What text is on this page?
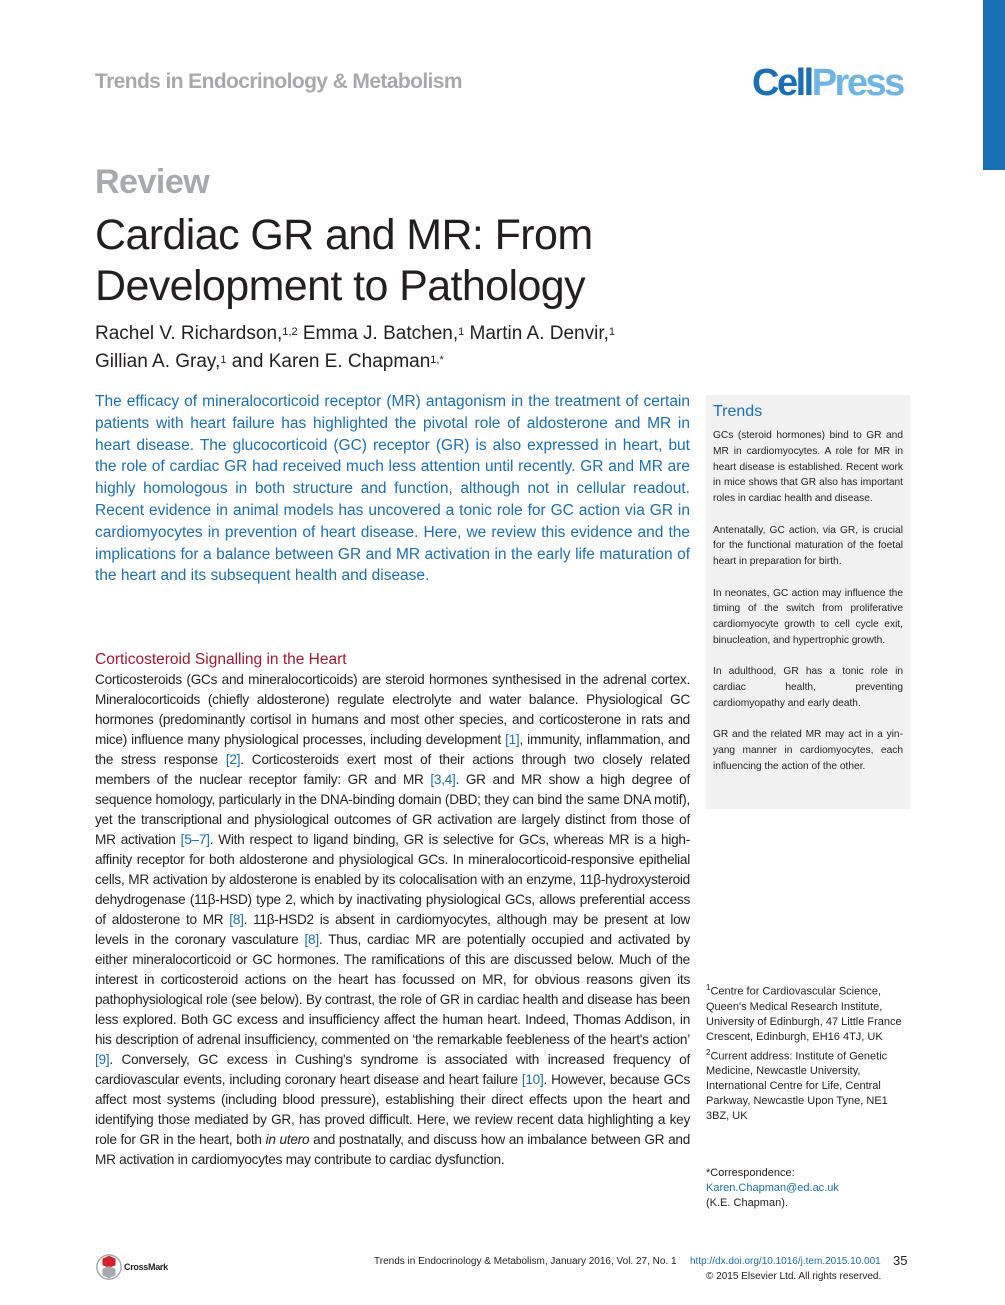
Trends in Endocrinology & Metabolism	CellPress
Review
Cardiac GR and MR: From Development to Pathology
Rachel V. Richardson,$^{1,2}$ Emma J. Batchen,$^1$ Martin A. Denvir,$^1$
Gillian A. Gray,$^1$ and Karen E. Chapman$^{1,*}$
The efficacy of mineralocorticoid receptor (MR) antagonism in the treatment of certain patients with heart failure has highlighted the pivotal role of aldosterone and MR in heart disease. The glucocorticoid (GC) receptor (GR) is also expressed in heart, but the role of cardiac GR had received much less attention until recently. GR and MR are highly homologous in both structure and function, although not in cellular readout. Recent evidence in animal models has uncovered a tonic role for GC action via GR in cardiomyocytes in prevention of heart disease. Here, we review this evidence and the implications for a balance between GR and MR activation in the early life maturation of the heart and its subsequent health and disease.
Trends

GCs (steroid hormones) bind to GR and MR in cardiomyocytes. A role for MR in heart disease is established. Recent work in mice shows that GR also has important roles in cardiac health and disease.

Antenatally, GC action, via GR, is crucial for the functional maturation of the foetal heart in preparation for birth.

In neonates, GC action may influence the timing of the switch from proliferative cardiomyocyte growth to cell cycle exit, binucleation, and hypertrophic growth.

In adulthood, GR has a tonic role in cardiac health, preventing cardiomyopathy and early death.

GR and the related MR may act in a yin-yang manner in cardiomyocytes, each influencing the action of the other.

Corticosteroid Signalling in the Heart
Corticosteroids (GCs and mineralocorticoids) are steroid hormones synthesised in the adrenal cortex. Mineralocorticoids (chiefly aldosterone) regulate electrolyte and water balance. Physiological GC hormones (predominantly cortisol in humans and most other species, and corticosterone in rats and mice) influence many physiological processes, including development [1], immunity, inflammation, and the stress response [2]. Corticosteroids exert most of their actions through two closely related members of the nuclear receptor family: GR and MR [3,4]. GR and MR show a high degree of sequence homology, particularly in the DNA-binding domain (DBD; they can bind the same DNA motif), yet the transcriptional and physiological outcomes of GR activation are largely distinct from those of MR activation [5–7]. With respect to ligand binding, GR is selective for GCs, whereas MR is a high-affinity receptor for both aldosterone and physiological GCs. In mineralocorticoid-responsive epithelial cells, MR activation by aldosterone is enabled by its colocalisation with an enzyme, 11β-hydroxysteroid dehydrogenase (11β-HSD) type 2, which by inactivating physiological GCs, allows preferential access of aldosterone to MR [8]. 11β-HSD2 is absent in cardiomyocytes, although may be present at low levels in the coronary vasculature [8]. Thus, cardiac MR are potentially occupied and activated by either mineralocorticoid or GC hormones. The ramifications of this are discussed below. Much of the interest in corticosteroid actions on the heart has focussed on MR, for obvious reasons given its pathophysiological role (see below). By contrast, the role of GR in cardiac health and disease has been less explored. Both GC excess and insufficiency affect the human heart. Indeed, Thomas Addison, in his description of adrenal insufficiency, commented on ‘the remarkable feebleness of the heart's action’ [9]. Conversely, GC excess in Cushing's syndrome is associated with increased frequency of cardiovascular events, including coronary heart disease and heart failure [10]. However, because GCs affect most systems (including blood pressure), establishing their direct effects upon the heart and identifying those mediated by GR, has proved difficult. Here, we review recent data highlighting a key role for GR in the heart, both in utero and postnatally, and discuss how an imbalance between GR and MR activation in cardiomyocytes may contribute to cardiac dysfunction.

$^1$Centre for Cardiovascular Science, Queen's Medical Research Institute, University of Edinburgh, 47 Little France Crescent, Edinburgh, EH16 4TJ, UK

$^2$Current address: Institute of Genetic Medicine, Newcastle University, International Centre for Life, Central Parkway, Newcastle Upon Tyne, NE1 3BZ, UK

*Correspondence:

Karen.Chapman@ed.ac.uk

(K.E. Chapman).

CrossMark	Trends in Endocrinology & Metabolism, January 2016, Vol. 27, No. 1 http://dx.doi.org/10.1016/j.tem.2015.10.001 35
© 2015 Elsevier Ltd. All rights reserved.
